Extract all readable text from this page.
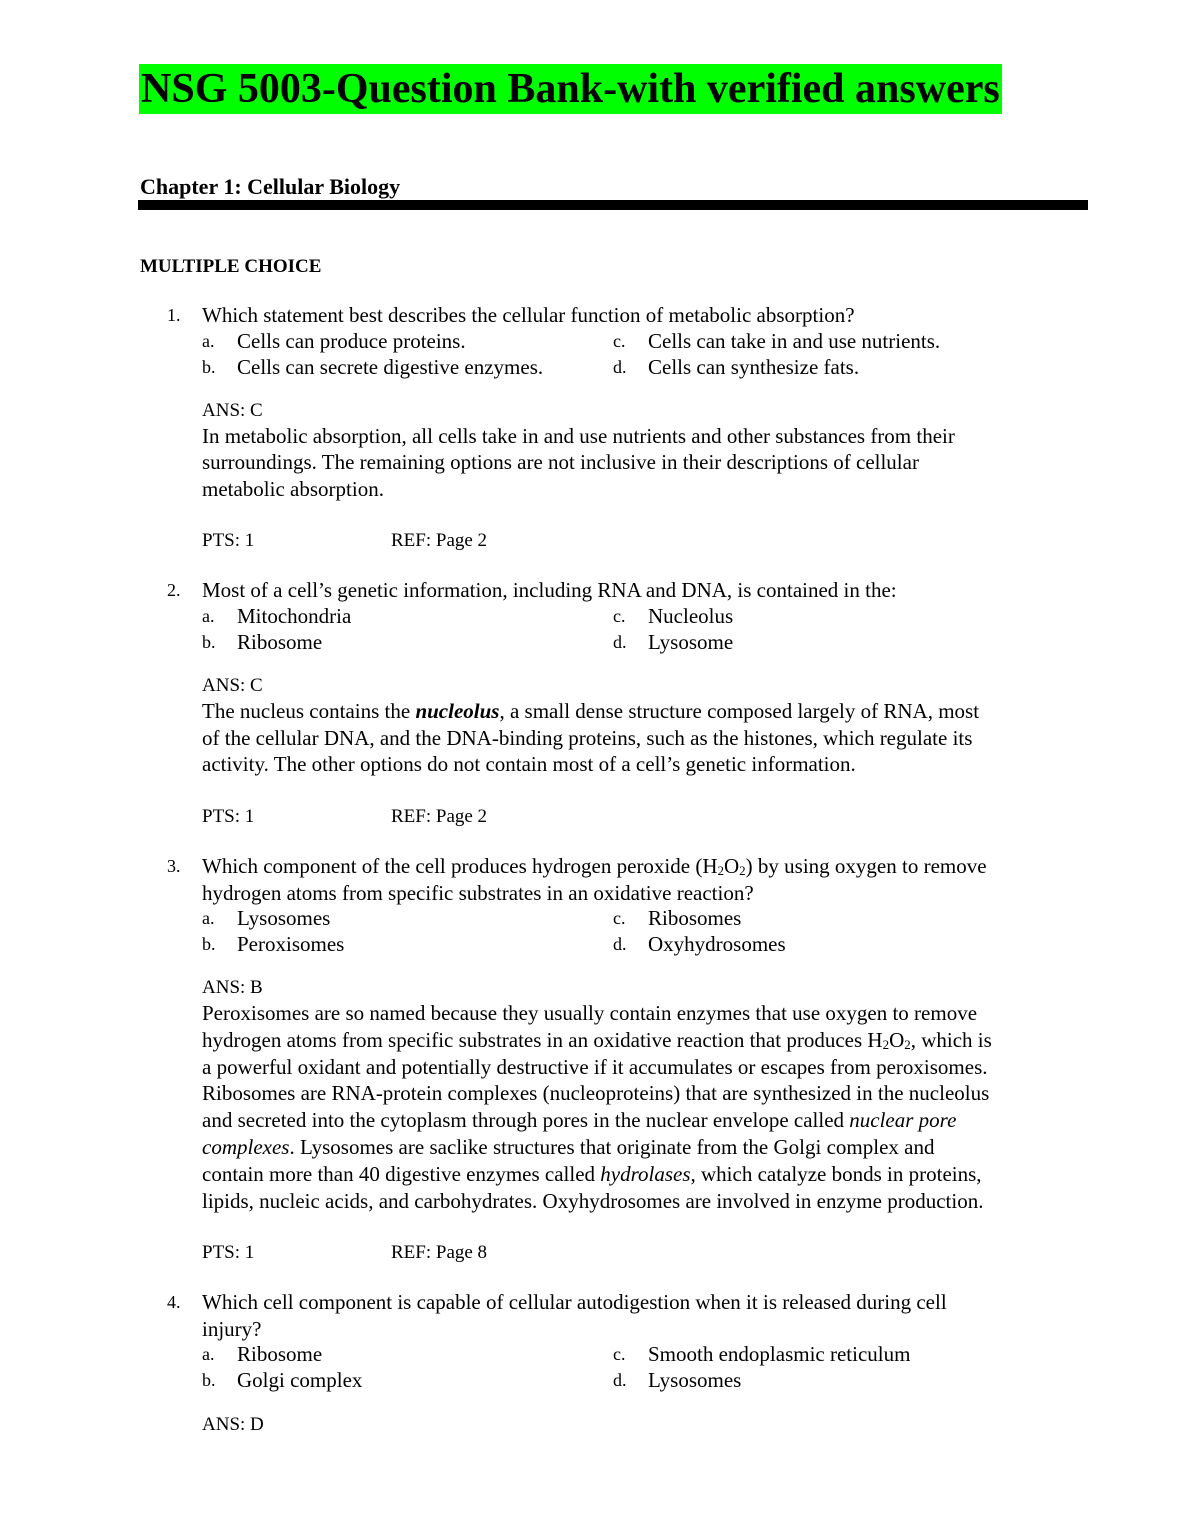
NSG 5003-Question Bank-with verified answers
Chapter 1: Cellular Biology
MULTIPLE CHOICE
1. Which statement best describes the cellular function of metabolic absorption?
a. Cells can produce proteins.	c. Cells can take in and use nutrients.
b. Cells can secrete digestive enzymes.	d. Cells can synthesize fats.
ANS: C
In metabolic absorption, all cells take in and use nutrients and other substances from their
surroundings. The remaining options are not inclusive in their descriptions of cellular
metabolic absorption.
PTS: 1	REF: Page 2
2. Most of a cell’s genetic information, including RNA and DNA, is contained in the:
a. Mitochondria	c. Nucleolus
b. Ribosome	d. Lysosome
ANS: C
The nucleus contains the nucleolus, a small dense structure composed largely of RNA, most
of the cellular DNA, and the DNA-binding proteins, such as the histones, which regulate its
activity. The other options do not contain most of a cell’s genetic information.
PTS: 1	REF: Page 2
3. Which component of the cell produces hydrogen peroxide $(H_2O_2)$ by using oxygen to remove
hydrogen atoms from specific substrates in an oxidative reaction?
a. Lysosomes	c. Ribosomes
b. Peroxisomes	d. Oxyhydrosomes
ANS: B
Peroxisomes are so named because they usually contain enzymes that use oxygen to remove
hydrogen atoms from specific substrates in an oxidative reaction that produces $H_2O_2$, which is
a powerful oxidant and potentially destructive if it accumulates or escapes from peroxisomes.
Ribosomes are RNA-protein complexes (nucleoproteins) that are synthesized in the nucleolus
and secreted into the cytoplasm through pores in the nuclear envelope called nuclear pore
complexes. Lysosomes are saclike structures that originate from the Golgi complex and
contain more than 40 digestive enzymes called hydrolases, which catalyze bonds in proteins,
lipids, nucleic acids, and carbohydrates. Oxyhydrosomes are involved in enzyme production.
PTS: 1	REF: Page 8
4. Which cell component is capable of cellular autodigestion when it is released during cell
injury?
a. Ribosome	c. Smooth endoplasmic reticulum
b. Golgi complex	d. Lysosomes
ANS: D
